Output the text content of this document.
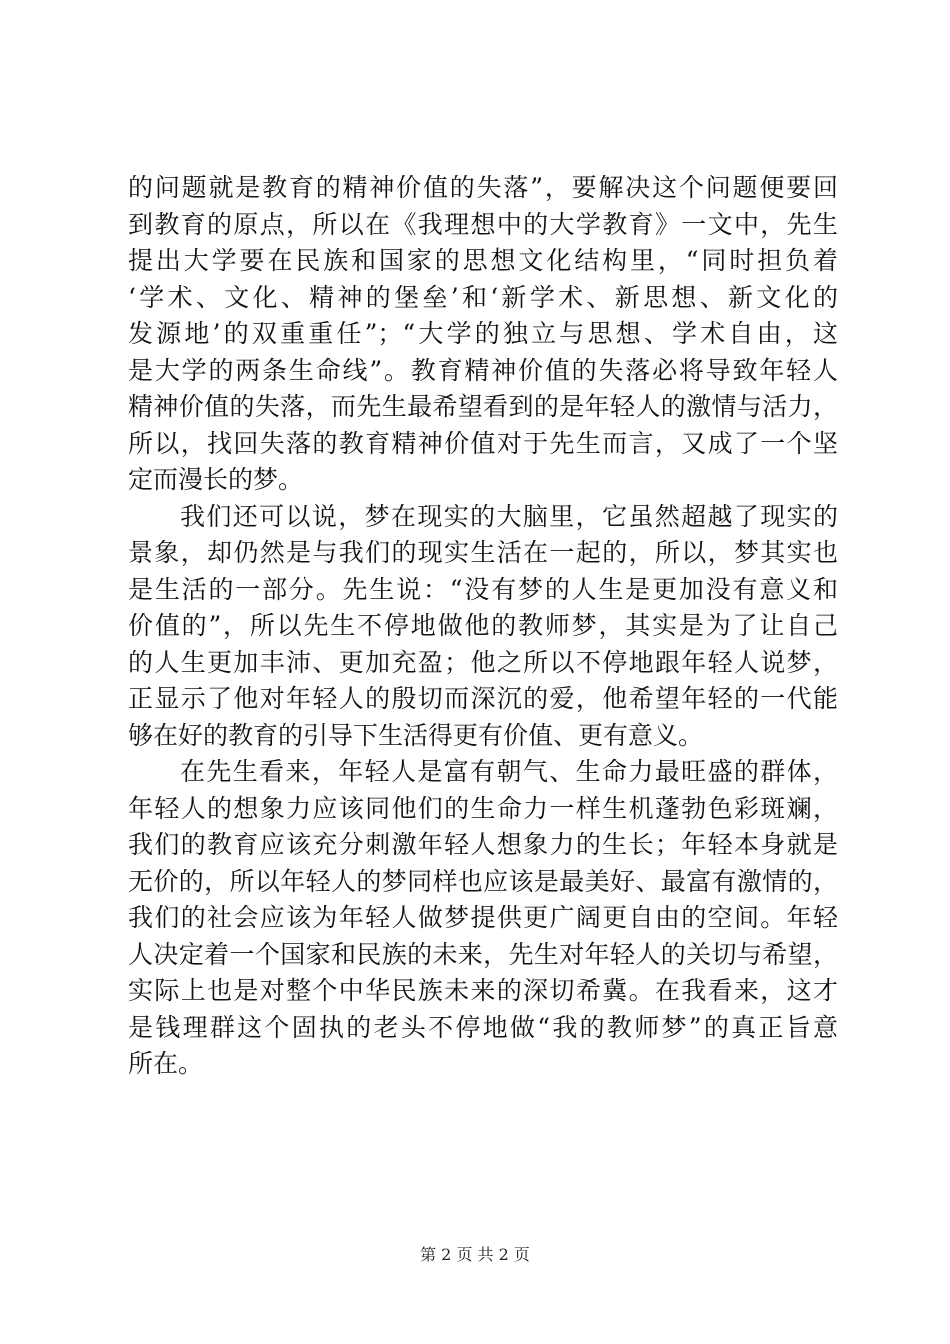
的问题就是教育的精神价值的失落”，要解决这个问题便要回
到教育的原点，所以在《我理想中的大学教育》一文中，先生
提出大学要在民族和国家的思想文化结构里，“同时担负着
‘学术、文化、精神的堡垒’和‘新学术、新思想、新文化的
发源地’的双重重任”；“大学的独立与思想、学术自由，这
是大学的两条生命线”。教育精神价值的失落必将导致年轻人
精神价值的失落，而先生最希望看到的是年轻人的激情与活力，
所以，找回失落的教育精神价值对于先生而言，又成了一个坚
定而漫长的梦。
我们还可以说，梦在现实的大脑里，它虽然超越了现实的
景象，却仍然是与我们的现实生活在一起的，所以，梦其实也
是生活的一部分。先生说：“没有梦的人生是更加没有意义和
价值的”，所以先生不停地做他的教师梦，其实是为了让自己
的人生更加丰沛、更加充盈；他之所以不停地跟年轻人说梦，
正显示了他对年轻人的殷切而深沉的爱，他希望年轻的一代能
够在好的教育的引导下生活得更有价值、更有意义。
在先生看来，年轻人是富有朝气、生命力最旺盛的群体，
年轻人的想象力应该同他们的生命力一样生机蓬勃色彩斑斓，
我们的教育应该充分刺激年轻人想象力的生长；年轻本身就是
无价的，所以年轻人的梦同样也应该是最美好、最富有激情的，
我们的社会应该为年轻人做梦提供更广阔更自由的空间。年轻
人决定着一个国家和民族的未来，先生对年轻人的关切与希望，
实际上也是对整个中华民族未来的深切希冀。在我看来，这才
是钱理群这个固执的老头不停地做“我的教师梦”的真正旨意
所在。
第 2 页 共 2 页
